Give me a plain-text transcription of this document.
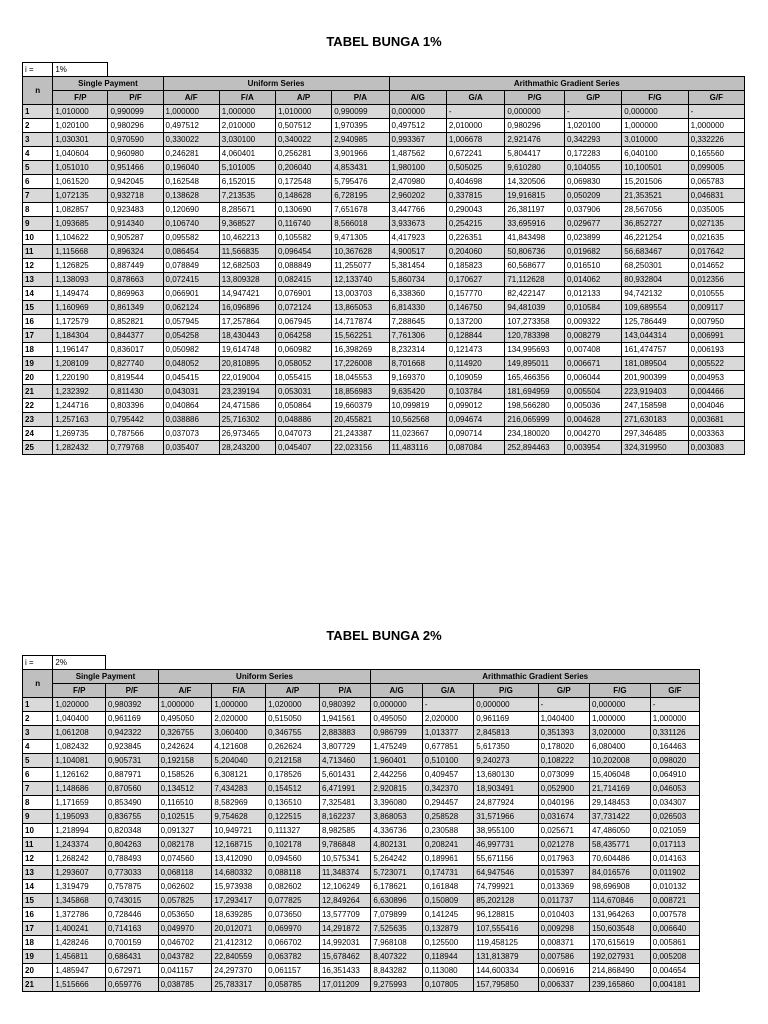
TABEL BUNGA 1%
i =	1%											
n	Single Payment		Uniform Series				Arithmathic Gradient Series					
	F/P	P/F	A/F	F/A	A/P	P/A	A/G	G/A	P/G	G/P	F/G	G/F
1	1,010000	0,990099	1,000000	1,000000	1,010000	0,990099	0,000000	-	0,000000	-	0,000000	-
2	1,020100	0,980296	0,497512	2,010000	0,507512	1,970395	0,497512	2,010000	0,980296	1,020100	1,000000	1,000000
3	1,030301	0,970590	0,330022	3,030100	0,340022	2,940985	0,993367	1,006678	2,921476	0,342293	3,010000	0,332226
4	1,040604	0,960980	0,246281	4,060401	0,256281	3,901966	1,487562	0,672241	5,804417	0,172283	6,040100	0,165560
5	1,051010	0,951466	0,196040	5,101005	0,206040	4,853431	1,980100	0,505025	9,610280	0,104055	10,100501	0,099005
6	1,061520	0,942045	0,162548	6,152015	0,172548	5,795476	2,470980	0,404698	14,320506	0,069830	15,201506	0,065783
7	1,072135	0,932718	0,138628	7,213535	0,148628	6,728195	2,960202	0,337815	19,916815	0,050209	21,353521	0,046831
8	1,082857	0,923483	0,120690	8,285671	0,130690	7,651678	3,447766	0,290043	26,381197	0,037906	28,567056	0,035005
9	1,093685	0,914340	0,106740	9,368527	0,116740	8,566018	3,933673	0,254215	33,695916	0,029677	36,852727	0,027135
10	1,104622	0,905287	0,095582	10,462213	0,105582	9,471305	4,417923	0,226351	41,843498	0,023899	46,221254	0,021635
11	1,115668	0,896324	0,086454	11,566835	0,096454	10,367628	4,900517	0,204060	50,806736	0,019682	56,683467	0,017642
12	1,126825	0,887449	0,078849	12,682503	0,088849	11,255077	5,381454	0,185823	60,568677	0,016510	68,250301	0,014652
13	1,138093	0,878663	0,072415	13,809328	0,082415	12,133740	5,860734	0,170627	71,112628	0,014062	80,932804	0,012356
14	1,149474	0,869963	0,066901	14,947421	0,076901	13,003703	6,338360	0,157770	82,422147	0,012133	94,742132	0,010555
15	1,160969	0,861349	0,062124	16,096896	0,072124	13,865053	6,814330	0,146750	94,481039	0,010584	109,689554	0,009117
16	1,172579	0,852821	0,057945	17,257864	0,067945	14,717874	7,288645	0,137200	107,273358	0,009322	125,786449	0,007950
17	1,184304	0,844377	0,054258	18,430443	0,064258	15,562251	7,761306	0,128844	120,783398	0,008279	143,044314	0,006991
18	1,196147	0,836017	0,050982	19,614748	0,060982	16,398269	8,232314	0,121473	134,995693	0,007408	161,474757	0,006193
19	1,208109	0,827740	0,048052	20,810895	0,058052	17,226008	8,701668	0,114920	149,895011	0,006671	181,089504	0,005522
20	1,220190	0,819544	0,045415	22,019004	0,055415	18,045553	9,169370	0,109059	165,466356	0,006044	201,900399	0,004953
21	1,232392	0,811430	0,043031	23,239194	0,053031	18,856983	9,635420	0,103784	181,694959	0,005504	223,919403	0,004466
22	1,244716	0,803396	0,040864	24,471586	0,050864	19,660379	10,099819	0,099012	198,566280	0,005036	247,158598	0,004046
23	1,257163	0,795442	0,038886	25,716302	0,048886	20,455821	10,562568	0,094674	216,065999	0,004628	271,630183	0,003681
24	1,269735	0,787566	0,037073	26,973465	0,047073	21,243387	11,023667	0,090714	234,180020	0,004270	297,346485	0,003363
25	1,282432	0,779768	0,035407	28,243200	0,045407	22,023156	11,483116	0,087084	252,894463	0,003954	324,319950	0,003083
TABEL BUNGA 2%
i =	2%											
n	Single Payment		Uniform Series				Arithmathic Gradient Series					
	F/P	P/F	A/F	F/A	A/P	P/A	A/G	G/A	P/G	G/P	F/G	G/F
1	1,020000	0,980392	1,000000	1,000000	1,020000	0,980392	0,000000	-	0,000000	-	0,000000	-
2	1,040400	0,961169	0,495050	2,020000	0,515050	1,941561	0,495050	2,020000	0,961169	1,040400	1,000000	1,000000
3	1,061208	0,942322	0,326755	3,060400	0,346755	2,883883	0,986799	1,013377	2,845813	0,351393	3,020000	0,331126
4	1,082432	0,923845	0,242624	4,121608	0,262624	3,807729	1,475249	0,677851	5,617350	0,178020	6,080400	0,164463
5	1,104081	0,905731	0,192158	5,204040	0,212158	4,713460	1,960401	0,510100	9,240273	0,108222	10,202008	0,098020
6	1,126162	0,887971	0,158526	6,308121	0,178526	5,601431	2,442256	0,409457	13,680130	0,073099	15,406048	0,064910
7	1,148686	0,870560	0,134512	7,434283	0,154512	6,471991	2,920815	0,342370	18,903491	0,052900	21,714169	0,046053
8	1,171659	0,853490	0,116510	8,582969	0,136510	7,325481	3,396080	0,294457	24,877924	0,040196	29,148453	0,034307
9	1,195093	0,836755	0,102515	9,754628	0,122515	8,162237	3,868053	0,258528	31,571966	0,031674	37,731422	0,026503
10	1,218994	0,820348	0,091327	10,949721	0,111327	8,982585	4,336736	0,230588	38,955100	0,025671	47,486050	0,021059
11	1,243374	0,804263	0,082178	12,168715	0,102178	9,786848	4,802131	0,208241	46,997731	0,021278	58,435771	0,017113
12	1,268242	0,788493	0,074560	13,412090	0,094560	10,575341	5,264242	0,189961	55,671156	0,017963	70,604486	0,014163
13	1,293607	0,773033	0,068118	14,680332	0,088118	11,348374	5,723071	0,174731	64,947546	0,015397	84,016576	0,011902
14	1,319479	0,757875	0,062602	15,973938	0,082602	12,106249	6,178621	0,161848	74,799921	0,013369	98,696908	0,010132
15	1,345868	0,743015	0,057825	17,293417	0,077825	12,849264	6,630896	0,150809	85,202128	0,011737	114,670846	0,008721
16	1,372786	0,728446	0,053650	18,639285	0,073650	13,577709	7,079899	0,141245	96,128815	0,010403	131,964263	0,007578
17	1,400241	0,714163	0,049970	20,012071	0,069970	14,291872	7,525635	0,132879	107,555416	0,009298	150,603548	0,006640
18	1,428246	0,700159	0,046702	21,412312	0,066702	14,992031	7,968108	0,125500	119,458125	0,008371	170,615619	0,005861
19	1,456811	0,686431	0,043782	22,840559	0,063782	15,678462	8,407322	0,118944	131,813879	0,007586	192,027931	0,005208
20	1,485947	0,672971	0,041157	24,297370	0,061157	16,351433	8,843282	0,113080	144,600334	0,006916	214,868490	0,004654
21	1,515666	0,659776	0,038785	25,783317	0,058785	17,011209	9,275993	0,107805	157,795850	0,006337	239,165860	0,004181
